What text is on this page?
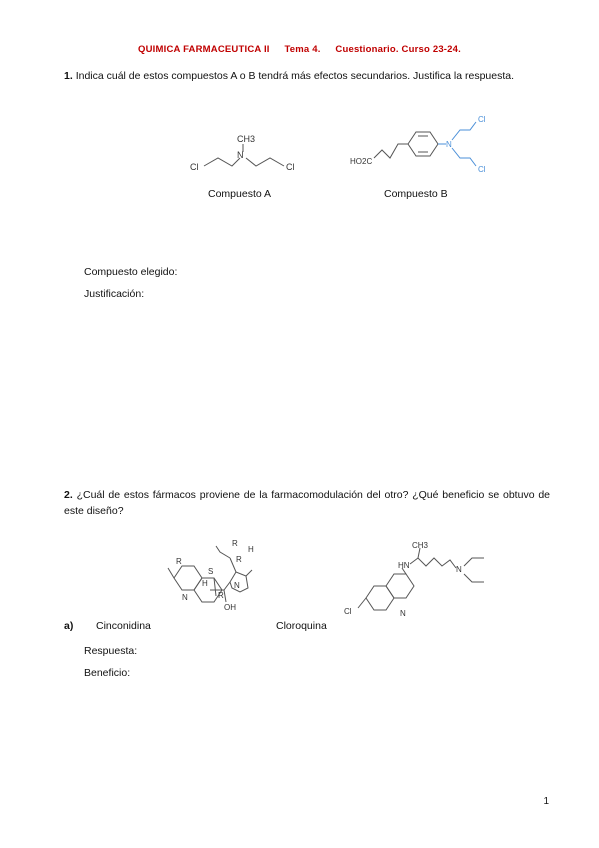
QUIMICA FARMACEUTICA II Tema 4. Cuestionario. Curso 23-24.
1. Indica cuál de estos compuestos A o B tendrá más efectos secundarios. Justifica la respuesta.
N
CH3
Cl	Cl
Compuesto A
HO2C
N
Cl
Cl
Compuesto B
Compuesto elegido:
Justificación:
2. ¿Cuál de estos fármacos proviene de la farmacomodulación del otro? ¿Qué beneficio se obtuvo de este diseño?
R
N
OH
H
S
R
N
R
H
R
Cl
HN
CH3
N
N
a) Cinconidina	Cloroquina
Respuesta:
Beneficio:
1
